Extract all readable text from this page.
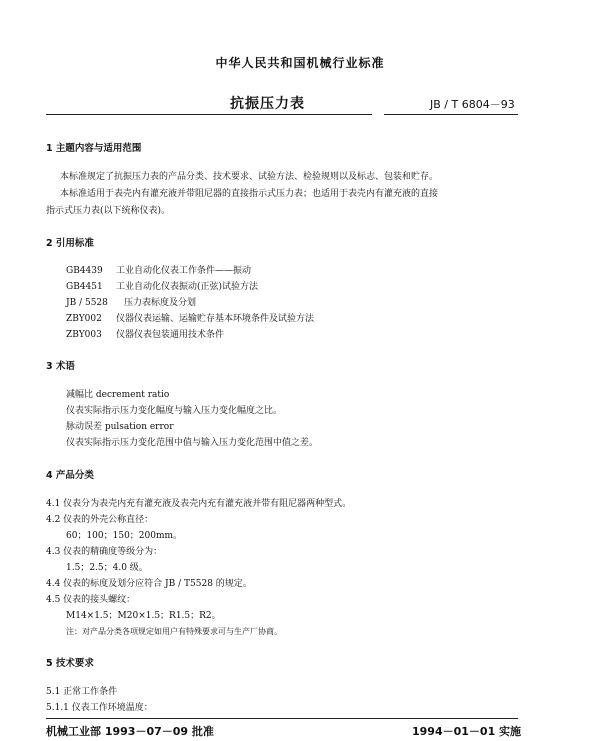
中华人民共和国机械行业标准
抗振压力表	JB / T 6804－93
1 主题内容与适用范围
本标准规定了抗振压力表的产品分类、技术要求、试验方法、检验规则以及标志、包装和贮存。
本标准适用于表壳内有灌充液并带阻尼器的直接指示式压力表；也适用于表壳内有灌充液的直接
指示式压力表(以下统称仪表)。
2 引用标准
GB4439 工业自动化仪表工作条件——振动
GB4451 工业自动化仪表振动(正弦)试验方法
JB / 5528 压力表标度及分划
ZBY002 仪器仪表运输、运输贮存基本环境条件及试验方法
ZBY003 仪器仪表包装通用技术条件
3 术语
减幅比 decrement ratio
仪表实际指示压力变化幅度与输入压力变化幅度之比。
脉动误差 pulsation error
仪表实际指示压力变化范围中值与输入压力变化范围中值之差。
4 产品分类
4.1 仪表分为表壳内充有灌充液及表壳内充有灌充液并带有阻尼器两种型式。
4.2 仪表的外壳公称直径：
60；100；150；200mm。
4.3 仪表的精确度等级分为：
1.5；2.5；4.0 级。
4.4 仪表的标度及划分应符合 JB / T5528 的规定。
4.5 仪表的接头螺纹：
M14×1.5；M20×1.5；R1.5；R2。
注：对产品分类各项规定如用户有特殊要求可与生产厂协商。
5 技术要求
5.1 正常工作条件
5.1.1 仪表工作环境温度：
机械工业部 1993－07－09 批准	1994－01－01 实施
